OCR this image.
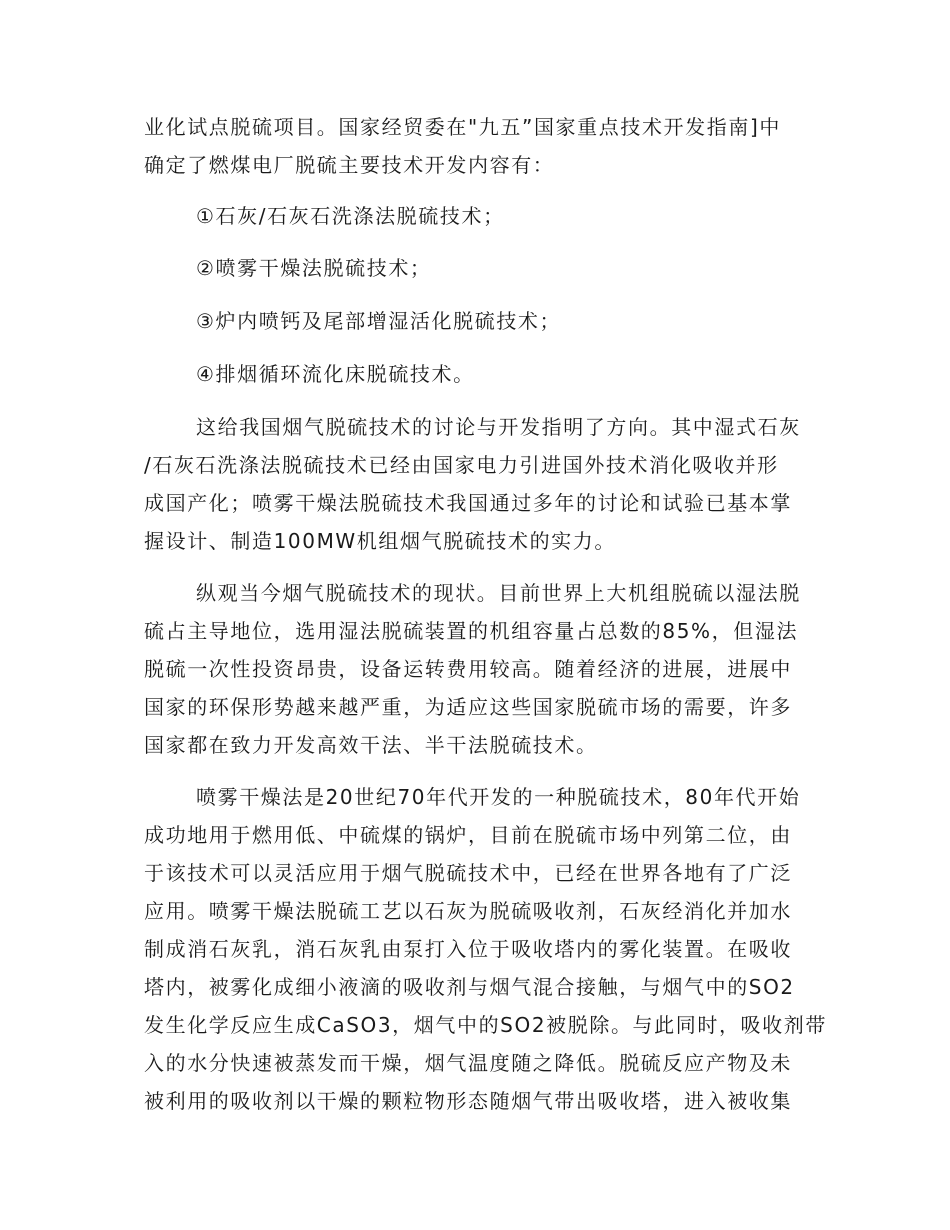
业化试点脱硫项目。国家经贸委在"九五”国家重点技术开发指南]中
确定了燃煤电厂脱硫主要技术开发内容有：
①石灰/石灰石洗涤法脱硫技术；
②喷雾干燥法脱硫技术；
③炉内喷钙及尾部增湿活化脱硫技术；
④排烟循环流化床脱硫技术。
这给我国烟气脱硫技术的讨论与开发指明了方向。其中湿式石灰
/石灰石洗涤法脱硫技术已经由国家电力引进国外技术消化吸收并形
成国产化；喷雾干燥法脱硫技术我国通过多年的讨论和试验已基本掌
握设计、制造100MW机组烟气脱硫技术的实力。
纵观当今烟气脱硫技术的现状。目前世界上大机组脱硫以湿法脱
硫占主导地位，选用湿法脱硫装置的机组容量占总数的85%，但湿法
脱硫一次性投资昂贵，设备运转费用较高。随着经济的进展，进展中
国家的环保形势越来越严重，为适应这些国家脱硫市场的需要，许多
国家都在致力开发高效干法、半干法脱硫技术。
喷雾干燥法是20世纪70年代开发的一种脱硫技术，80年代开始
成功地用于燃用低、中硫煤的锅炉，目前在脱硫市场中列第二位，由
于该技术可以灵活应用于烟气脱硫技术中，已经在世界各地有了广泛
应用。喷雾干燥法脱硫工艺以石灰为脱硫吸收剂，石灰经消化并加水
制成消石灰乳，消石灰乳由泵打入位于吸收塔内的雾化装置。在吸收
塔内，被雾化成细小液滴的吸收剂与烟气混合接触，与烟气中的SO2
发生化学反应生成CaSO3，烟气中的SO2被脱除。与此同时，吸收剂带
入的水分快速被蒸发而干燥，烟气温度随之降低。脱硫反应产物及未
被利用的吸收剂以干燥的颗粒物形态随烟气带出吸收塔，进入被收集
